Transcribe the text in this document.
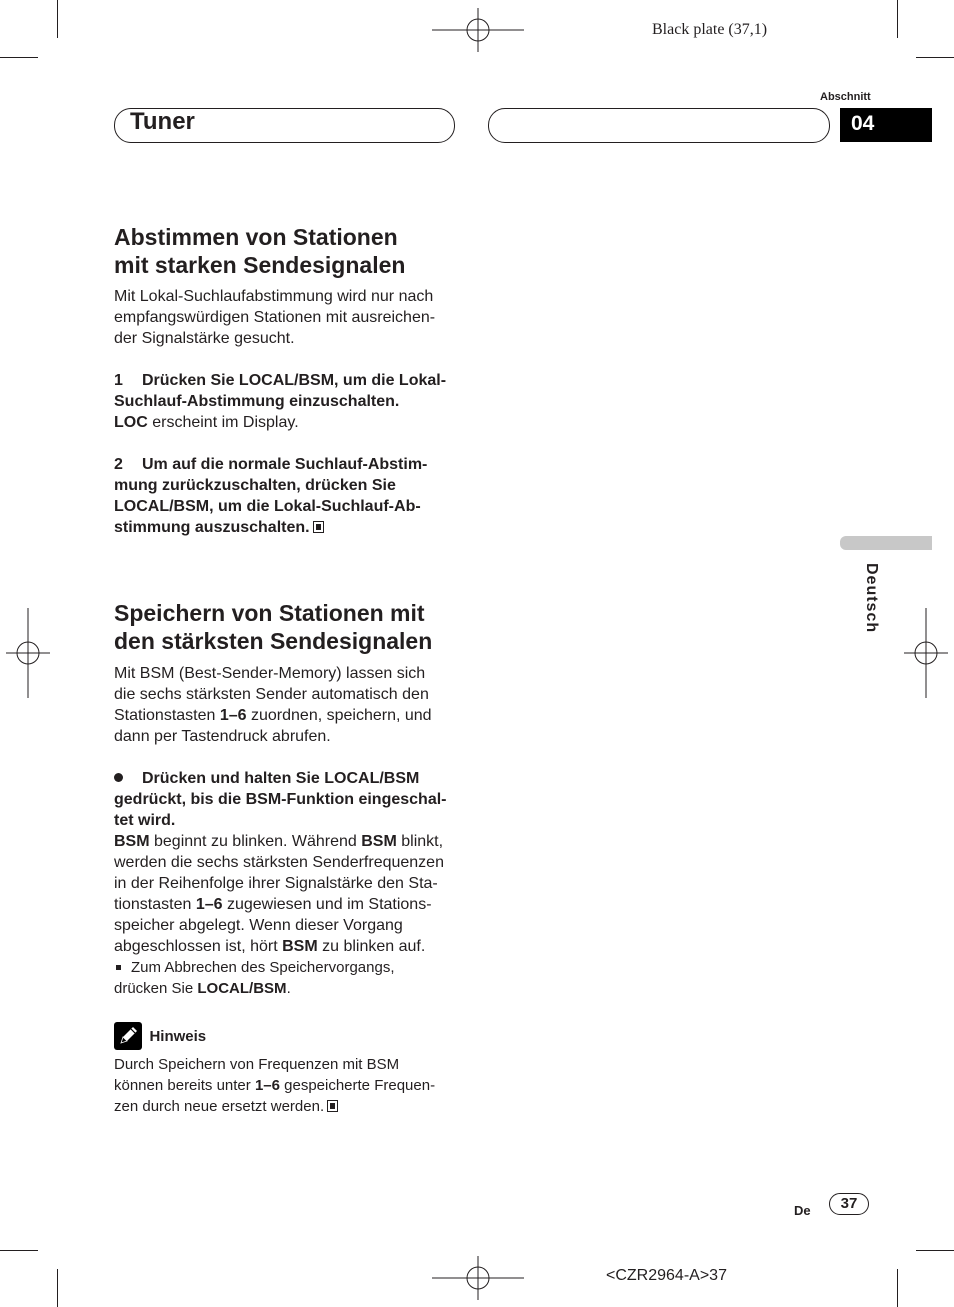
Black plate (37,1)
Tuner
Abschnitt
04
Deutsch
Abstimmen von Stationen
mit starken Sendesignalen

Mit Lokal-Suchlaufabstimmung wird nur nach

empfangswürdigen Stationen mit ausreichen-

der Signalstärke gesucht.

1 Drücken Sie LOCAL/BSM, um die Lokal-

Suchlauf-Abstimmung einzuschalten.

LOC erscheint im Display.

2 Um auf die normale Suchlauf-Abstim-

mung zurückzuschalten, drücken Sie

LOCAL/BSM, um die Lokal-Suchlauf-Ab-

stimmung auszuschalten.

Speichern von Stationen mit
den stärksten Sendesignalen

Mit BSM (Best-Sender-Memory) lassen sich

die sechs stärksten Sender automatisch den

Stationstasten 1–6 zuordnen, speichern, und

dann per Tastendruck abrufen.

Drücken und halten Sie LOCAL/BSM

gedrückt, bis die BSM-Funktion eingeschal-

tet wird.

BSM beginnt zu blinken. Während BSM blinkt,

werden die sechs stärksten Senderfrequenzen

in der Reihenfolge ihrer Signalstärke den Sta-

tionstasten 1–6 zugewiesen und im Stations-

speicher abgelegt. Wenn dieser Vorgang

abgeschlossen ist, hört BSM zu blinken auf.

Zum Abbrechen des Speichervorgangs,

drücken Sie LOCAL/BSM.

Hinweis

Durch Speichern von Frequenzen mit BSM

können bereits unter 1–6 gespeicherte Frequen-

zen durch neue ersetzt werden.

De	37
<CZR2964-A>37
